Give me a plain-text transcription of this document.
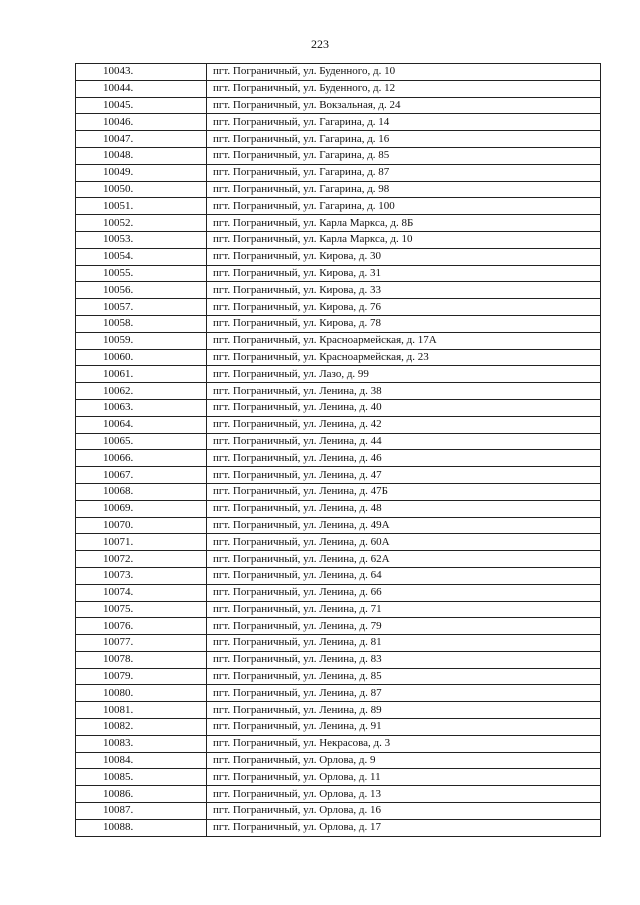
223
10043.	пгт. Пограничный, ул. Буденного, д. 10
10044.	пгт. Пограничный, ул. Буденного, д. 12
10045.	пгт. Пограничный, ул. Вокзальная, д. 24
10046.	пгт. Пограничный, ул. Гагарина, д. 14
10047.	пгт. Пограничный, ул. Гагарина, д. 16
10048.	пгт. Пограничный, ул. Гагарина, д. 85
10049.	пгт. Пограничный, ул. Гагарина, д. 87
10050.	пгт. Пограничный, ул. Гагарина, д. 98
10051.	пгт. Пограничный, ул. Гагарина, д. 100
10052.	пгт. Пограничный, ул. Карла Маркса, д. 8Б
10053.	пгт. Пограничный, ул. Карла Маркса, д. 10
10054.	пгт. Пограничный, ул. Кирова, д. 30
10055.	пгт. Пограничный, ул. Кирова, д. 31
10056.	пгт. Пограничный, ул. Кирова, д. 33
10057.	пгт. Пограничный, ул. Кирова, д. 76
10058.	пгт. Пограничный, ул. Кирова, д. 78
10059.	пгт. Пограничный, ул. Красноармейская, д. 17А
10060.	пгт. Пограничный, ул. Красноармейская, д. 23
10061.	пгт. Пограничный, ул. Лазо, д. 99
10062.	пгт. Пограничный, ул. Ленина, д. 38
10063.	пгт. Пограничный, ул. Ленина, д. 40
10064.	пгт. Пограничный, ул. Ленина, д. 42
10065.	пгт. Пограничный, ул. Ленина, д. 44
10066.	пгт. Пограничный, ул. Ленина, д. 46
10067.	пгт. Пограничный, ул. Ленина, д. 47
10068.	пгт. Пограничный, ул. Ленина, д. 47Б
10069.	пгт. Пограничный, ул. Ленина, д. 48
10070.	пгт. Пограничный, ул. Ленина, д. 49А
10071.	пгт. Пограничный, ул. Ленина, д. 60А
10072.	пгт. Пограничный, ул. Ленина, д. 62А
10073.	пгт. Пограничный, ул. Ленина, д. 64
10074.	пгт. Пограничный, ул. Ленина, д. 66
10075.	пгт. Пограничный, ул. Ленина, д. 71
10076.	пгт. Пограничный, ул. Ленина, д. 79
10077.	пгт. Пограничный, ул. Ленина, д. 81
10078.	пгт. Пограничный, ул. Ленина, д. 83
10079.	пгт. Пограничный, ул. Ленина, д. 85
10080.	пгт. Пограничный, ул. Ленина, д. 87
10081.	пгт. Пограничный, ул. Ленина, д. 89
10082.	пгт. Пограничный, ул. Ленина, д. 91
10083.	пгт. Пограничный, ул. Некрасова, д. 3
10084.	пгт. Пограничный, ул. Орлова, д. 9
10085.	пгт. Пограничный, ул. Орлова, д. 11
10086.	пгт. Пограничный, ул. Орлова, д. 13
10087.	пгт. Пограничный, ул. Орлова, д. 16
10088.	пгт. Пограничный, ул. Орлова, д. 17
